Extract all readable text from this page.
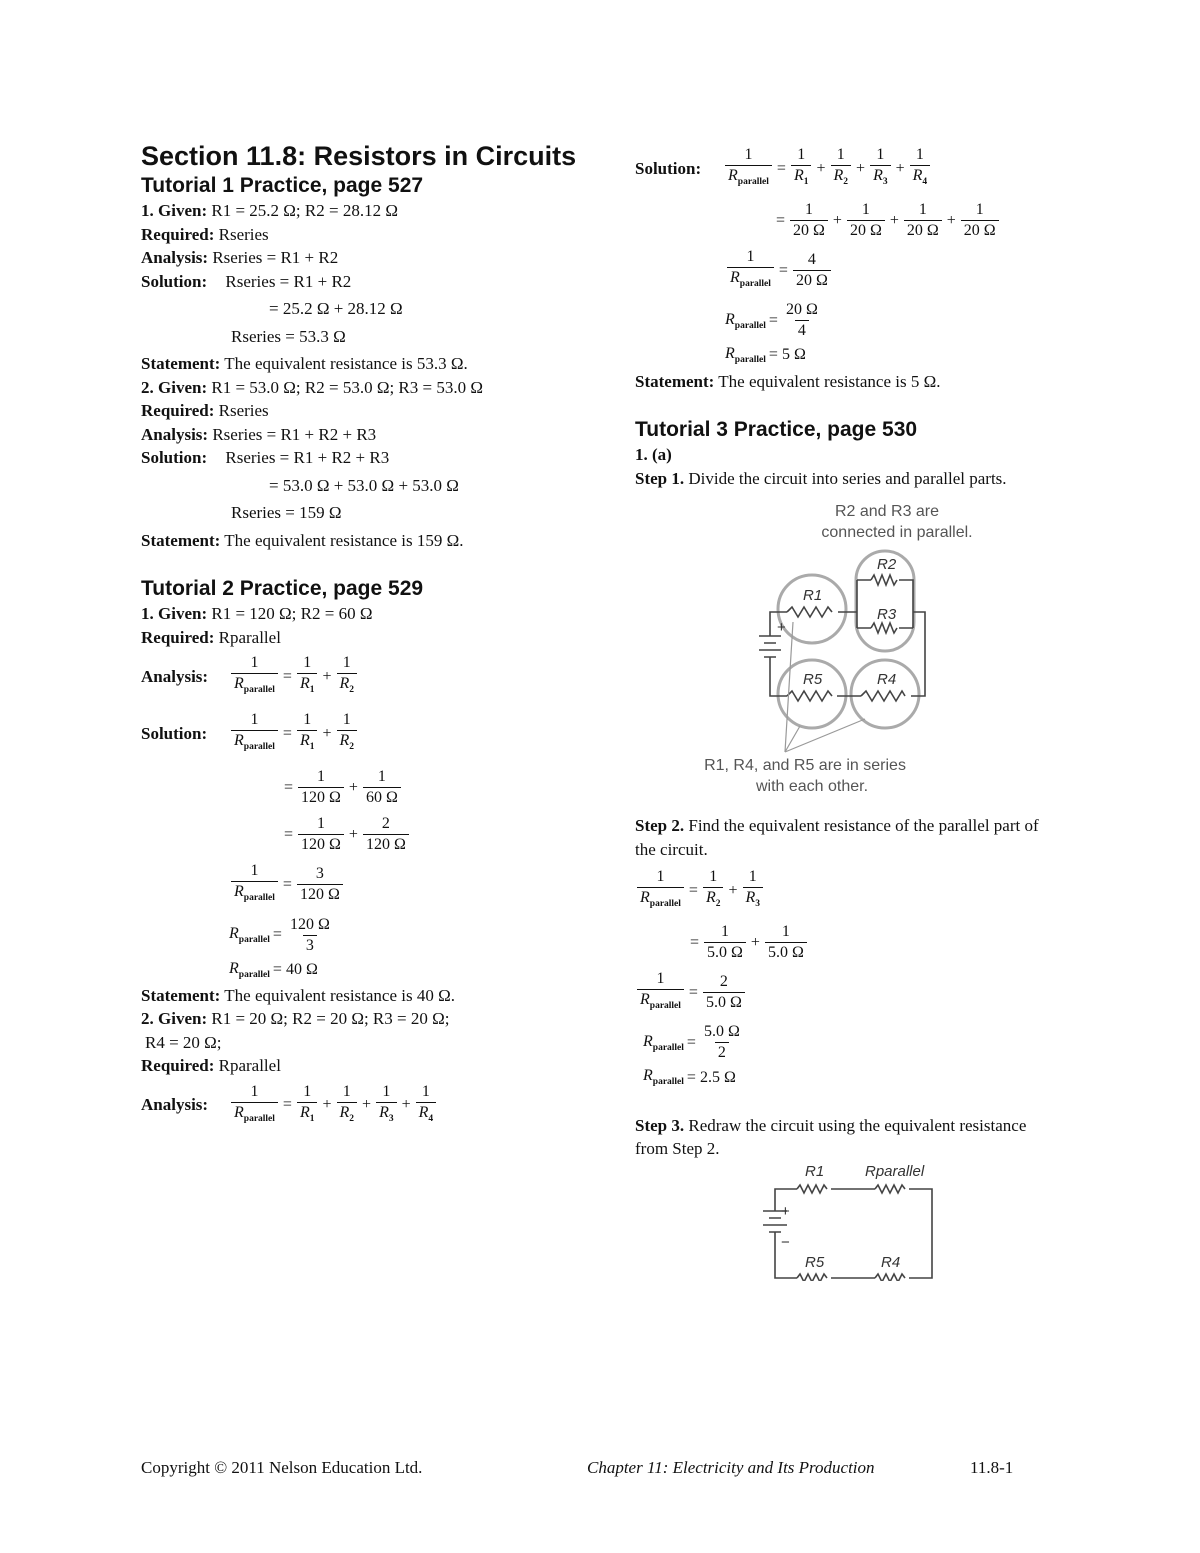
Section 11.8: Resistors in Circuits
Tutorial 1 Practice, page 527
1. Given: R1 = 25.2 Ω; R2 = 28.12 Ω
Required: Rseries
Analysis: Rseries = R1 + R2
Solution: Rseries = R1 + R2
= 25.2 Ω + 28.12 Ω
Rseries = 53.3 Ω
Statement: The equivalent resistance is 53.3 Ω.
2. Given: R1 = 53.0 Ω; R2 = 53.0 Ω; R3 = 53.0 Ω
Required: Rseries
Analysis: Rseries = R1 + R2 + R3
Solution: Rseries = R1 + R2 + R3
= 53.0 Ω + 53.0 Ω + 53.0 Ω
Rseries = 159 Ω
Statement: The equivalent resistance is 159 Ω.
Tutorial 2 Practice, page 529
1. Given: R1 = 120 Ω; R2 = 60 Ω
Required: Rparallel
Analysis:	$\frac{1}{R_{parallel}} = \frac{1}{R_1} + \frac{1}{R_2}$
Solution:	$\frac{1}{R_{parallel}} = \frac{1}{R_1} + \frac{1}{R_2}$
= $\frac{1}{120 \Omega} + \frac{1}{60 \Omega}$
= $\frac{1}{120 \Omega} + \frac{2}{120 \Omega}$
$\frac{1}{R_{parallel}} = \frac{3}{120 \Omega}$
$R_{parallel} = \frac{120 \Omega}{3}$
$R_{parallel} = 40$ Ω
Statement: The equivalent resistance is 40 Ω.
2. Given: R1 = 20 Ω; R2 = 20 Ω; R3 = 20 Ω;
R4 = 20 Ω;
Required: Rparallel
Analysis:	$\frac{1}{R_{parallel}} = \frac{1}{R_1} + \frac{1}{R_2} + \frac{1}{R_3} + \frac{1}{R_4}$
Solution:	$\frac{1}{R_{parallel}} = \frac{1}{R_1} + \frac{1}{R_2} + \frac{1}{R_3} + \frac{1}{R_4}$
= $\frac{1}{20 \Omega} + \frac{1}{20 \Omega} + \frac{1}{20 \Omega} + \frac{1}{20 \Omega}$
$\frac{1}{R_{parallel}} = \frac{4}{20 \Omega}$
$R_{parallel} = \frac{20 \Omega}{4}$
$R_{parallel} = 5$ Ω
Statement: The equivalent resistance is 5 Ω.
Tutorial 3 Practice, page 530
1. (a)
Step 1. Divide the circuit into series and parallel parts.
R2 and R3 are
connected in parallel.
R1, R4, and R5 are in series
with each other.
R1
R2
R3
R4
R5
+
Step 2. Find the equivalent resistance of the parallel part of the circuit.
$\frac{1}{R_{parallel}} = \frac{1}{R_2} + \frac{1}{R_3}$
= $\frac{1}{5.0 \Omega} + \frac{1}{5.0 \Omega}$
$\frac{1}{R_{parallel}} = \frac{2}{5.0 \Omega}$
$R_{parallel} = \frac{5.0 \Omega}{2}$
$R_{parallel} = 2.5$ Ω
Step 3. Redraw the circuit using the equivalent resistance from Step 2.
R1	Rparallel
R5	R4
+
−
Copyright © 2011 Nelson Education Ltd.	Chapter 11: Electricity and Its Production	11.8-1
